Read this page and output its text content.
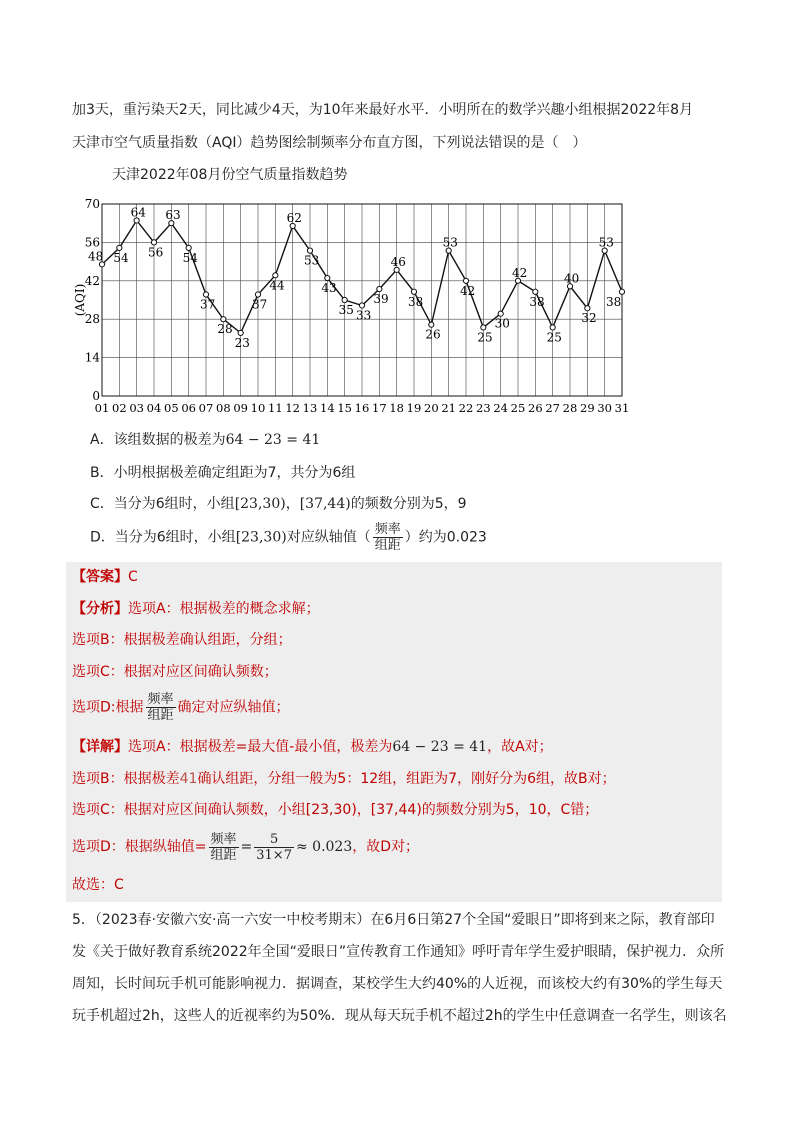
加3天，重污染天2天，同比减少4天，为10年来最好水平．小明所在的数学兴趣小组根据2022年8月
天津市空气质量指数（AQI）趋势图绘制频率分布直方图，下列说法错误的是（　）
天津2022年08月份空气质量指数趋势
0
14
28
42
56
70
01 02 03 04 05 06 07 08 09 10 11 12 13 14 15 16 17 18 19 20 21 22 23 24 25 26 27 28 29 30 31
48 54
64
56
63
54
37
28
23
37
44
62
53
43
35 33
39
46
38
26
53
42
25
30
42
38
25
40
32
53
38
(AQI)
A．该组数据的极差为64 − 23 = 41
B．小明根据极差确定组距为7，共分为6组
C．当分为6组时，小组[23,30)，[37,44)的频数分别为5，9
D．当分为6组时，小组[23,30)对应纵轴值（ $\frac{\text{频率}}{\text{组距}}$ ）约为0.023
【答案】C
【分析】选项A：根据极差的概念求解；
选项B：根据极差确认组距，分组；
选项C：根据对应区间确认频数；
选项D:根据 $\frac{\text{频率}}{\text{组距}}$ 确定对应纵轴值；
【详解】选项A：根据极差=最大值-最小值，极差为64 − 23 = 41，故A对；
选项B：根据极差41确认组距，分组一般为5：12组，组距为7，刚好分为6组，故B对；
选项C：根据对应区间确认频数，小组[23,30)，[37,44)的频数分别为5，10，C错；
选项D：根据纵轴值= $\frac{\text{频率}}{\text{组距}} = \frac{5}{31\times 7} \approx 0.023$，故D对；
故选：C
5．（2023春·安徽六安·高一六安一中校考期末）在6月6日第27个全国“爱眼日”即将到来之际，教育部印
发《关于做好教育系统2022年全国“爱眼日”宣传教育工作通知》呼吁青年学生爱护眼睛，保护视力．众所
周知，长时间玩手机可能影响视力．据调查，某校学生大约40%的人近视，而该校大约有30%的学生每天
玩手机超过2h，这些人的近视率约为50%．现从每天玩手机不超过2h的学生中任意调查一名学生，则该名
